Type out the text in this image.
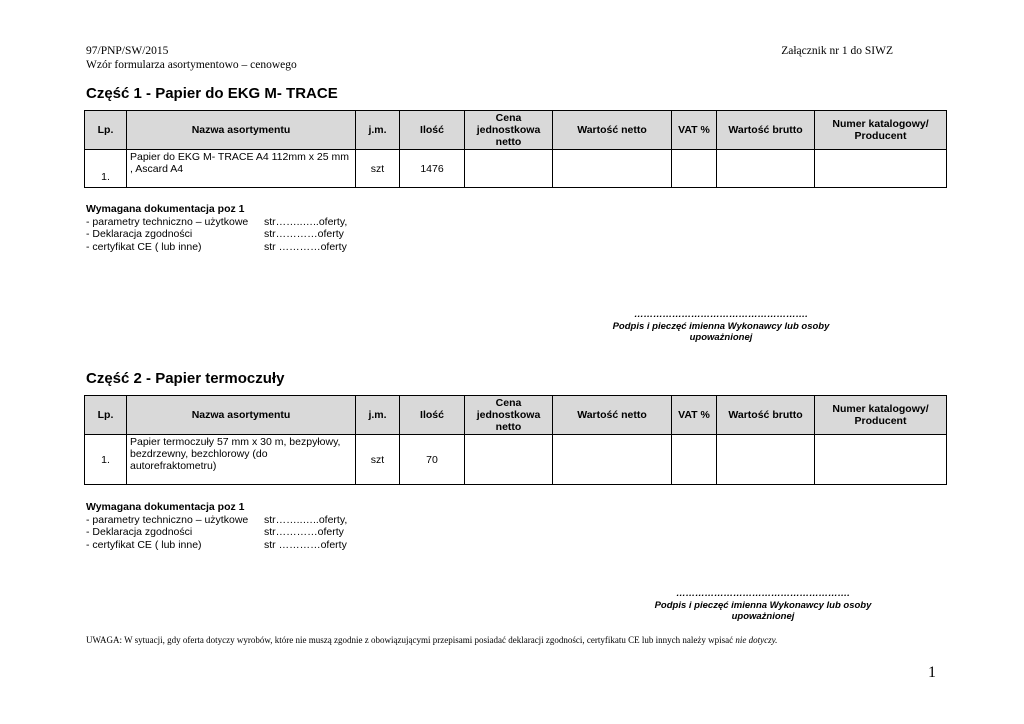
97/PNP/SW/2015
Wzór formularza asortymentowo – cenowego
Załącznik nr 1 do SIWZ
Część 1 - Papier do EKG M- TRACE
Lp.	Nazwa asortymentu	j.m.	Ilość	Cena jednostkowa netto	Wartość netto	VAT %	Wartość brutto	Numer katalogowy/ Producent
1.	Papier do EKG M- TRACE A4 112mm x 25 mm , Ascard A4	szt	1476					
Wymagana dokumentacja poz 1
- parametry techniczno – użytkowe	str……..…..oferty,
- Deklaracja zgodności	str…………oferty
- certyfikat CE ( lub inne)	str …………oferty
……………………………………………….
Podpis i pieczęć imienna Wykonawcy lub osoby
upoważnionej
Część 2 - Papier termoczuły
Lp.	Nazwa asortymentu	j.m.	Ilość	Cena jednostkowa netto	Wartość netto	VAT %	Wartość brutto	Numer katalogowy/ Producent
1.	Papier termoczuły 57 mm x 30 m, bezpyłowy, bezdrzewny, bezchlorowy (do autorefraktometru)	szt	70					
Wymagana dokumentacja poz 1
- parametry techniczno – użytkowe	str……..…..oferty,
- Deklaracja zgodności	str…………oferty
- certyfikat CE ( lub inne)	str …………oferty
……………………………………………….
Podpis i pieczęć imienna Wykonawcy lub osoby
upoważnionej
UWAGA: W sytuacji, gdy oferta dotyczy wyrobów, które nie muszą zgodnie z obowiązującymi przepisami posiadać deklaracji zgodności, certyfikatu CE lub innych należy wpisać nie dotyczy.
1
